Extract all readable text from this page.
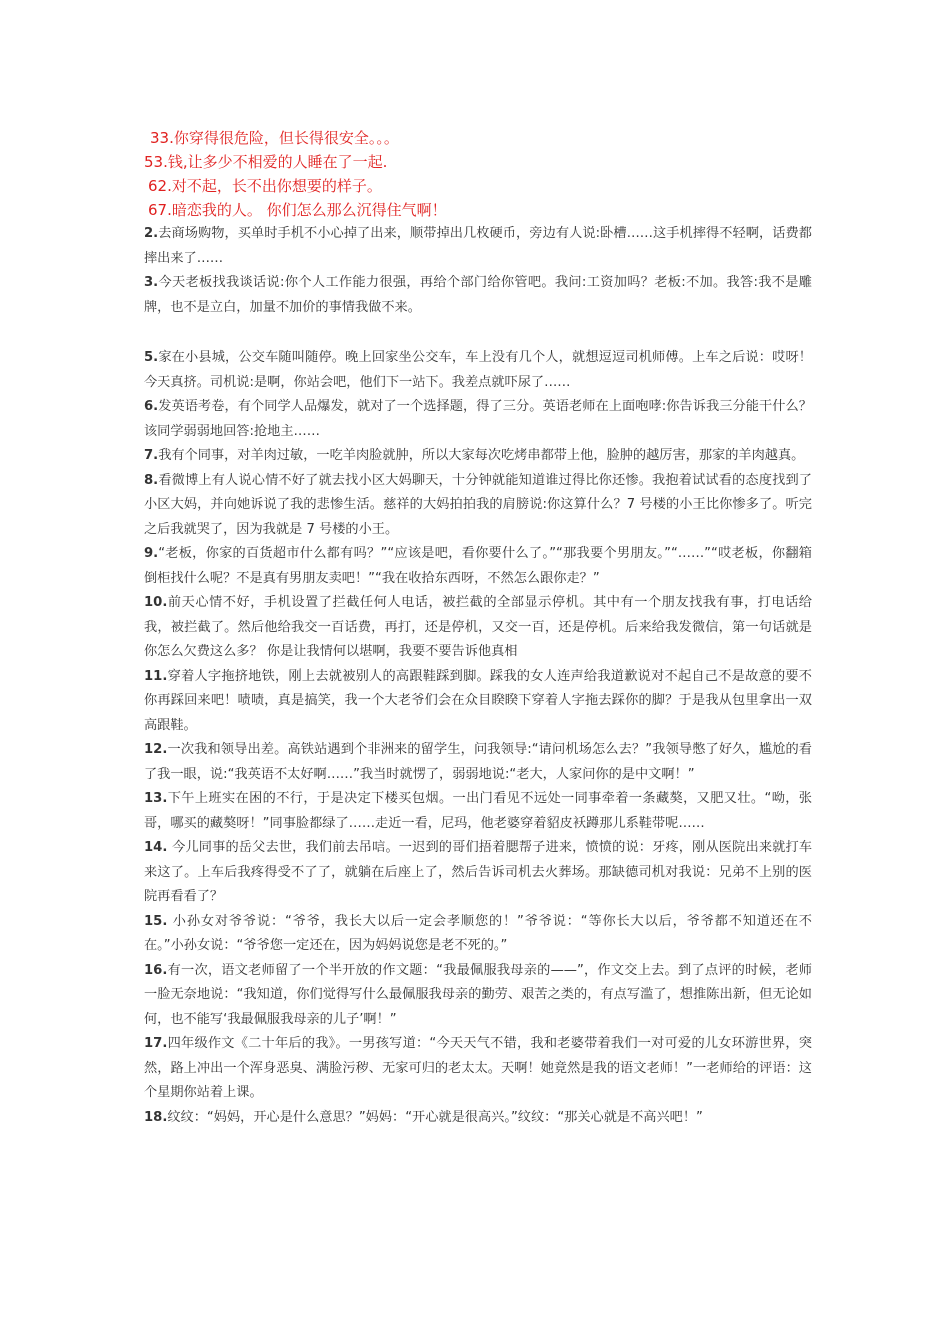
33.你穿得很危险，但长得很安全。。。
53.钱,让多少不相爱的人睡在了一起.
62.对不起，长不出你想要的样子。
67.暗恋我的人。 你们怎么那么沉得住气啊！

2.去商场购物，买单时手机不小心掉了出来，顺带掉出几枚硬币，旁边有人说:卧槽……这手机摔得不轻啊，话费都摔出来了……

3.今天老板找我谈话说:你个人工作能力很强，再给个部门给你管吧。我问:工资加吗？老板:不加。我答:我不是雕牌，也不是立白，加量不加价的事情我做不来。

5.家在小县城，公交车随叫随停。晚上回家坐公交车，车上没有几个人，就想逗逗司机师傅。上车之后说：哎呀！今天真挤。司机说:是啊，你站会吧，他们下一站下。我差点就吓尿了……

6.发英语考卷，有个同学人品爆发，就对了一个选择题，得了三分。英语老师在上面咆哮:你告诉我三分能干什么？该同学弱弱地回答:抢地主……

7.我有个同事，对羊肉过敏，一吃羊肉脸就肿，所以大家每次吃烤串都带上他，脸肿的越厉害，那家的羊肉越真。

8.看微博上有人说心情不好了就去找小区大妈聊天，十分钟就能知道谁过得比你还惨。我抱着试试看的态度找到了小区大妈，并向她诉说了我的悲惨生活。慈祥的大妈拍拍我的肩膀说:你这算什么？7 号楼的小王比你惨多了。听完之后我就哭了，因为我就是 7 号楼的小王。

9.“老板，你家的百货超市什么都有吗？”“应该是吧，看你要什么了。”“那我要个男朋友。”“……”“哎老板，你翻箱倒柜找什么呢？不是真有男朋友卖吧！”“我在收拾东西呀，不然怎么跟你走？”

10.前天心情不好，手机设置了拦截任何人电话，被拦截的全部显示停机。其中有一个朋友找我有事，打电话给我，被拦截了。然后他给我交一百话费，再打，还是停机，又交一百，还是停机。后来给我发微信，第一句话就是你怎么欠费这么多？ 你是让我情何以堪啊，我要不要告诉他真相

11.穿着人字拖挤地铁，刚上去就被别人的高跟鞋踩到脚。踩我的女人连声给我道歉说对不起自己不是故意的要不你再踩回来吧！啧啧，真是搞笑，我一个大老爷们会在众目睽睽下穿着人字拖去踩你的脚？于是我从包里拿出一双高跟鞋。

12.一次我和领导出差。高铁站遇到个非洲来的留学生，问我领导:“请问机场怎么去？”我领导憋了好久，尴尬的看了我一眼，说:“我英语不太好啊……”我当时就愣了，弱弱地说:“老大，人家问你的是中文啊！”

13.下午上班实在困的不行，于是决定下楼买包烟。一出门看见不远处一同事牵着一条藏獒，又肥又壮。“呦，张哥，哪买的藏獒呀！”同事脸都绿了……走近一看，尼玛，他老婆穿着貂皮袄蹲那儿系鞋带呢……

14. 今儿同事的岳父去世，我们前去吊唁。一迟到的哥们捂着腮帮子进来，愤愤的说：牙疼，刚从医院出来就打车来这了。上车后我疼得受不了了，就躺在后座上了，然后告诉司机去火葬场。那缺德司机对我说：兄弟不上别的医院再看看了？

15. 小孙女对爷爷说：“爷爷，我长大以后一定会孝顺您的！”爷爷说：“等你长大以后，爷爷都不知道还在不在。”小孙女说：“爷爷您一定还在，因为妈妈说您是老不死的。”

16.有一次，语文老师留了一个半开放的作文题：“我最佩服我母亲的——”，作文交上去。到了点评的时候，老师一脸无奈地说：“我知道，你们觉得写什么最佩服我母亲的勤劳、艰苦之类的，有点写滥了，想推陈出新，但无论如何，也不能写‘我最佩服我母亲的儿子’啊！”

17.四年级作文《二十年后的我》。一男孩写道：“今天天气不错，我和老婆带着我们一对可爱的儿女环游世界，突然，路上冲出一个浑身恶臭、满脸污秽、无家可归的老太太。天啊！她竟然是我的语文老师！”一老师给的评语：这个星期你站着上课。

18.纹纹：“妈妈，开心是什么意思？”妈妈：“开心就是很高兴。”纹纹：“那关心就是不高兴吧！”
